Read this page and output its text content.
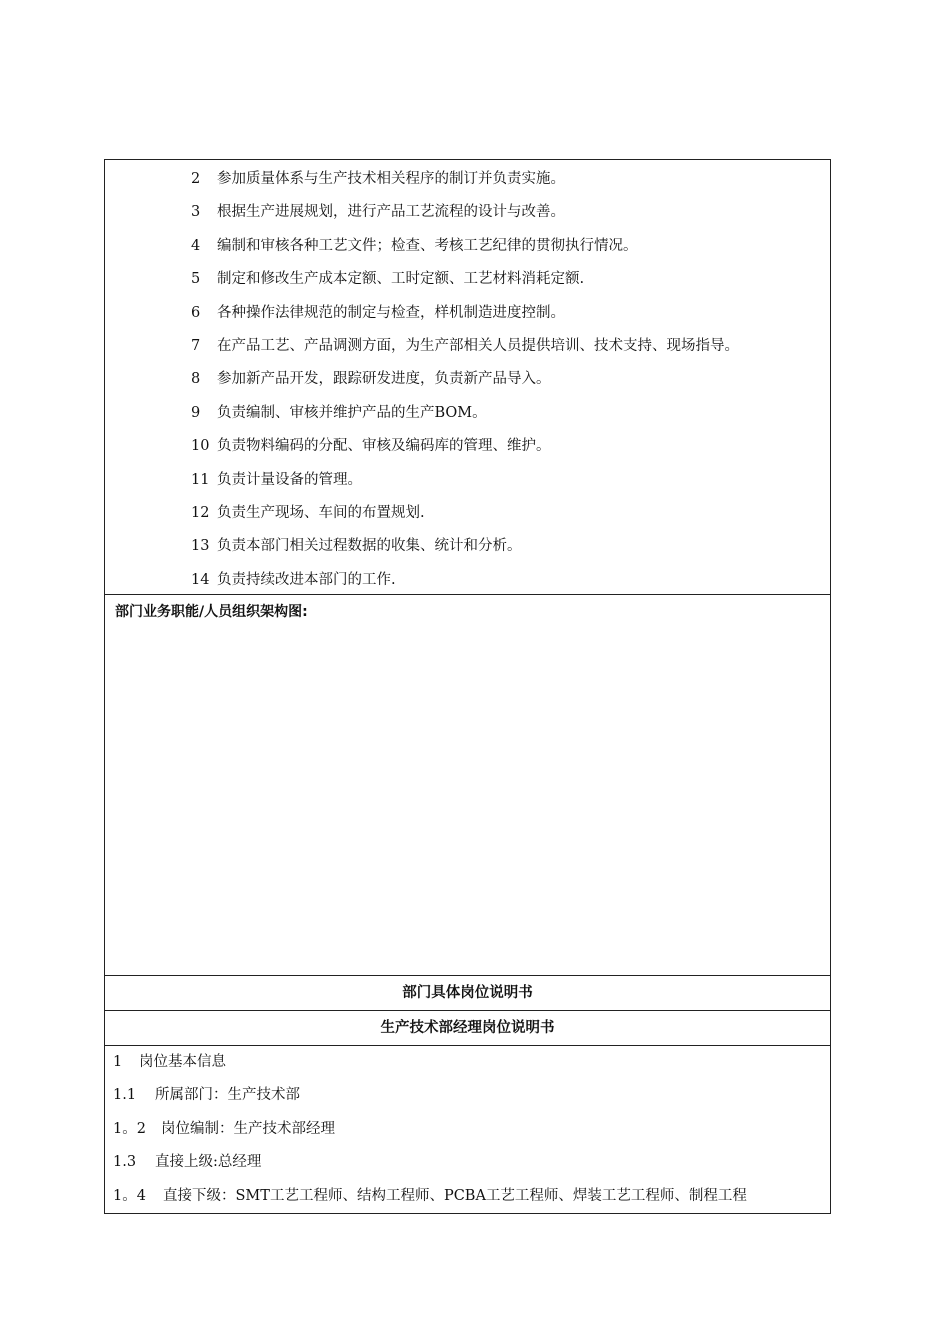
2 参加质量体系与生产技术相关程序的制订并负责实施。
3 根据生产进展规划，进行产品工艺流程的设计与改善。
4 编制和审核各种工艺文件；检查、考核工艺纪律的贯彻执行情况。
5 制定和修改生产成本定额、工时定额、工艺材料消耗定额.
6 各种操作法律规范的制定与检查，样机制造进度控制。
7 在产品工艺、产品调测方面，为生产部相关人员提供培训、技术支持、现场指导。
8 参加新产品开发，跟踪研发进度，负责新产品导入。
9 负责编制、审核并维护产品的生产BOM。
10 负责物料编码的分配、审核及编码库的管理、维护。
11 负责计量设备的管理。
12 负责生产现场、车间的布置规划.
13 负责本部门相关过程数据的收集、统计和分析。
14 负责持续改进本部门的工作.
部门业务职能/人员组织架构图:
部门具体岗位说明书
生产技术部经理岗位说明书
1 岗位基本信息
1.1 所属部门：生产技术部
1。2 岗位编制：生产技术部经理
1.3 直接上级:总经理
1。4 直接下级：SMT工艺工程师、结构工程师、PCBA工艺工程师、焊装工艺工程师、制程工程
